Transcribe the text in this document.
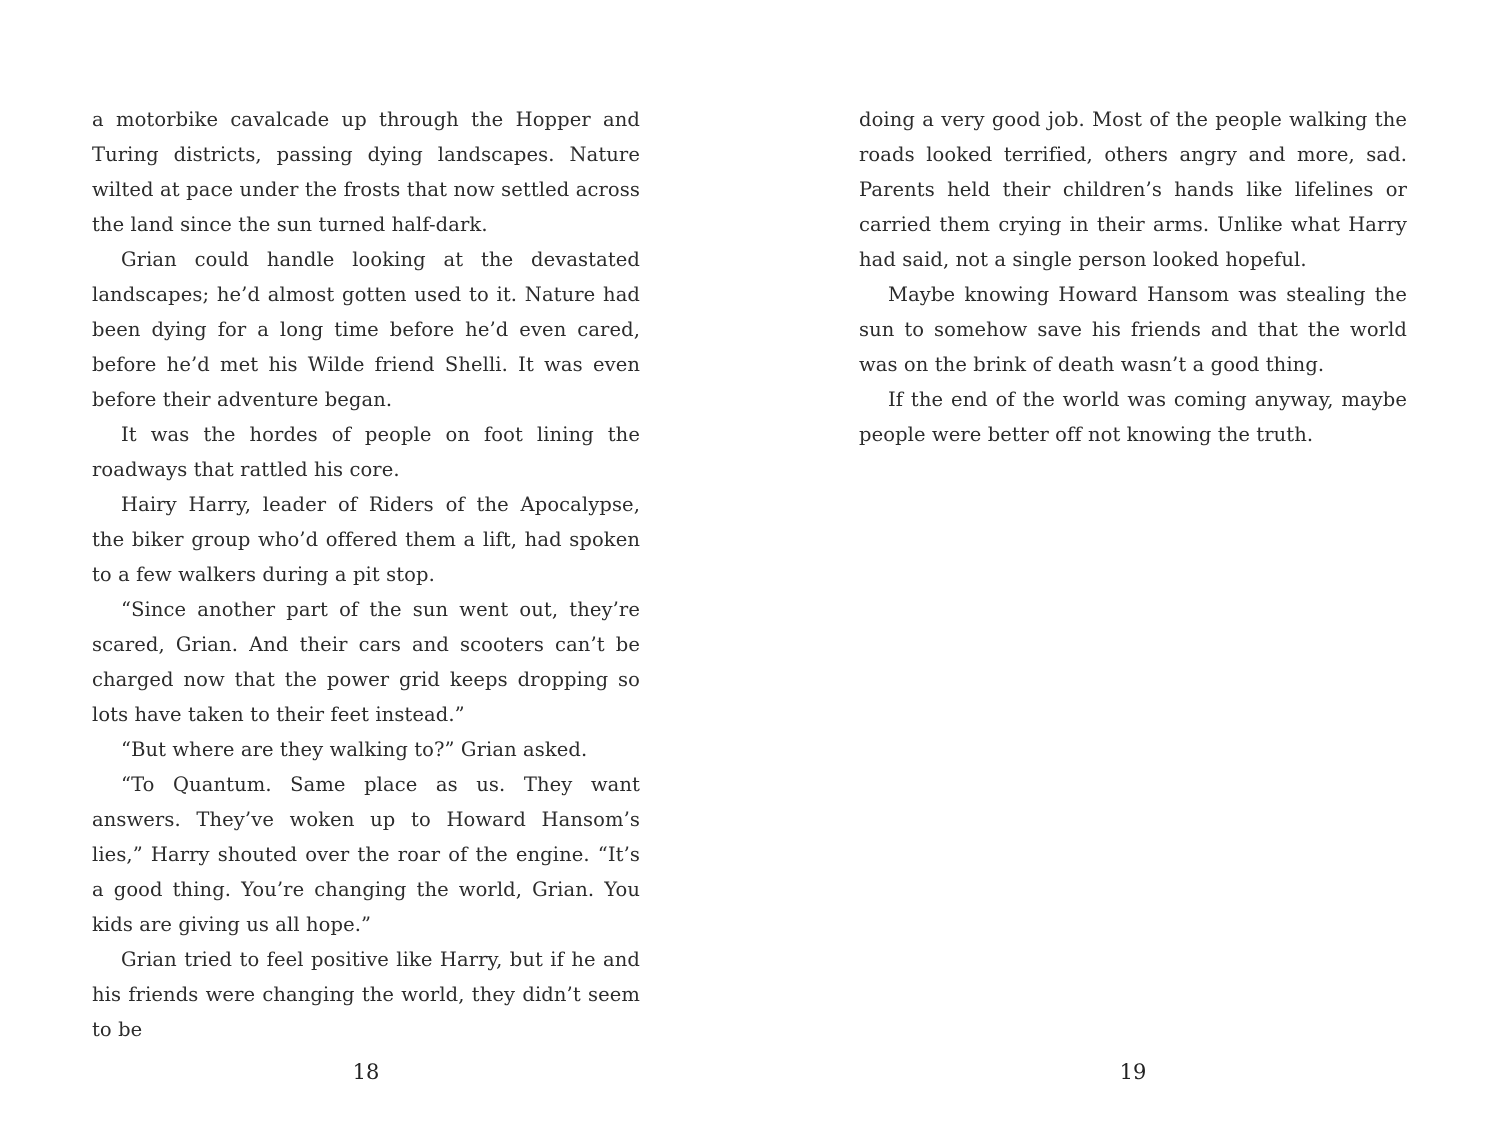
a motorbike cavalcade up through the Hopper and Turing districts, passing dying landscapes. Nature wilted at pace under the frosts that now settled across the land since the sun turned half-dark.

Grian could handle looking at the devastated landscapes; he’d almost gotten used to it. Nature had been dying for a long time before he’d even cared, before he’d met his Wilde friend Shelli. It was even before their adventure began.

It was the hordes of people on foot lining the roadways that rattled his core.

Hairy Harry, leader of Riders of the Apocalypse, the biker group who’d offered them a lift, had spoken to a few walkers during a pit stop.

“Since another part of the sun went out, they’re scared, Grian. And their cars and scooters can’t be charged now that the power grid keeps dropping so lots have taken to their feet instead.”

“But where are they walking to?” Grian asked.

“To Quantum. Same place as us. They want answers. They’ve woken up to Howard Hansom’s lies,” Harry shouted over the roar of the engine. “It’s a good thing. You’re changing the world, Grian. You kids are giving us all hope.”

Grian tried to feel positive like Harry, but if he and his friends were changing the world, they didn’t seem to be

doing a very good job. Most of the people walking the roads looked terrified, others angry and more, sad. Parents held their children’s hands like lifelines or carried them crying in their arms. Unlike what Harry had said, not a single person looked hopeful.

Maybe knowing Howard Hansom was stealing the sun to somehow save his friends and that the world was on the brink of death wasn’t a good thing.

If the end of the world was coming anyway, maybe people were better off not knowing the truth.

18	19
